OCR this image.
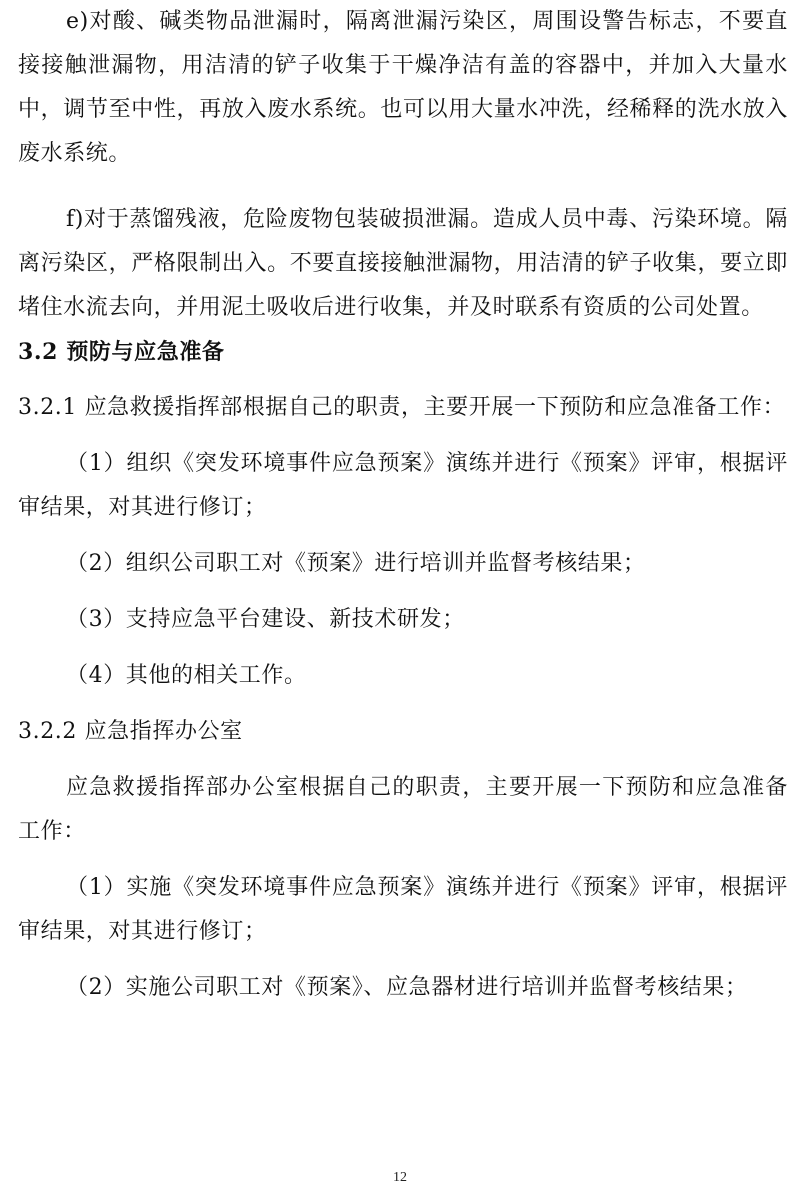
e)对酸、碱类物品泄漏时，隔离泄漏污染区，周围设警告标志，不要直接接触泄漏物，用洁清的铲子收集于干燥净洁有盖的容器中，并加入大量水中，调节至中性，再放入废水系统。也可以用大量水冲洗，经稀释的洗水放入废水系统。

f)对于蒸馏残液，危险废物包装破损泄漏。造成人员中毒、污染环境。隔离污染区，严格限制出入。不要直接接触泄漏物，用洁清的铲子收集，要立即堵住水流去向，并用泥土吸收后进行收集，并及时联系有资质的公司处置。

3.2 预防与应急准备

3.2.1 应急救援指挥部根据自己的职责，主要开展一下预防和应急准备工作：

（1）组织《突发环境事件应急预案》演练并进行《预案》评审，根据评审结果，对其进行修订；

（2）组织公司职工对《预案》进行培训并监督考核结果；

（3）支持应急平台建设、新技术研发；

（4）其他的相关工作。

3.2.2 应急指挥办公室

应急救援指挥部办公室根据自己的职责，主要开展一下预防和应急准备工作：

（1）实施《突发环境事件应急预案》演练并进行《预案》评审，根据评审结果，对其进行修订；

（2）实施公司职工对《预案》、应急器材进行培训并监督考核结果；

12
